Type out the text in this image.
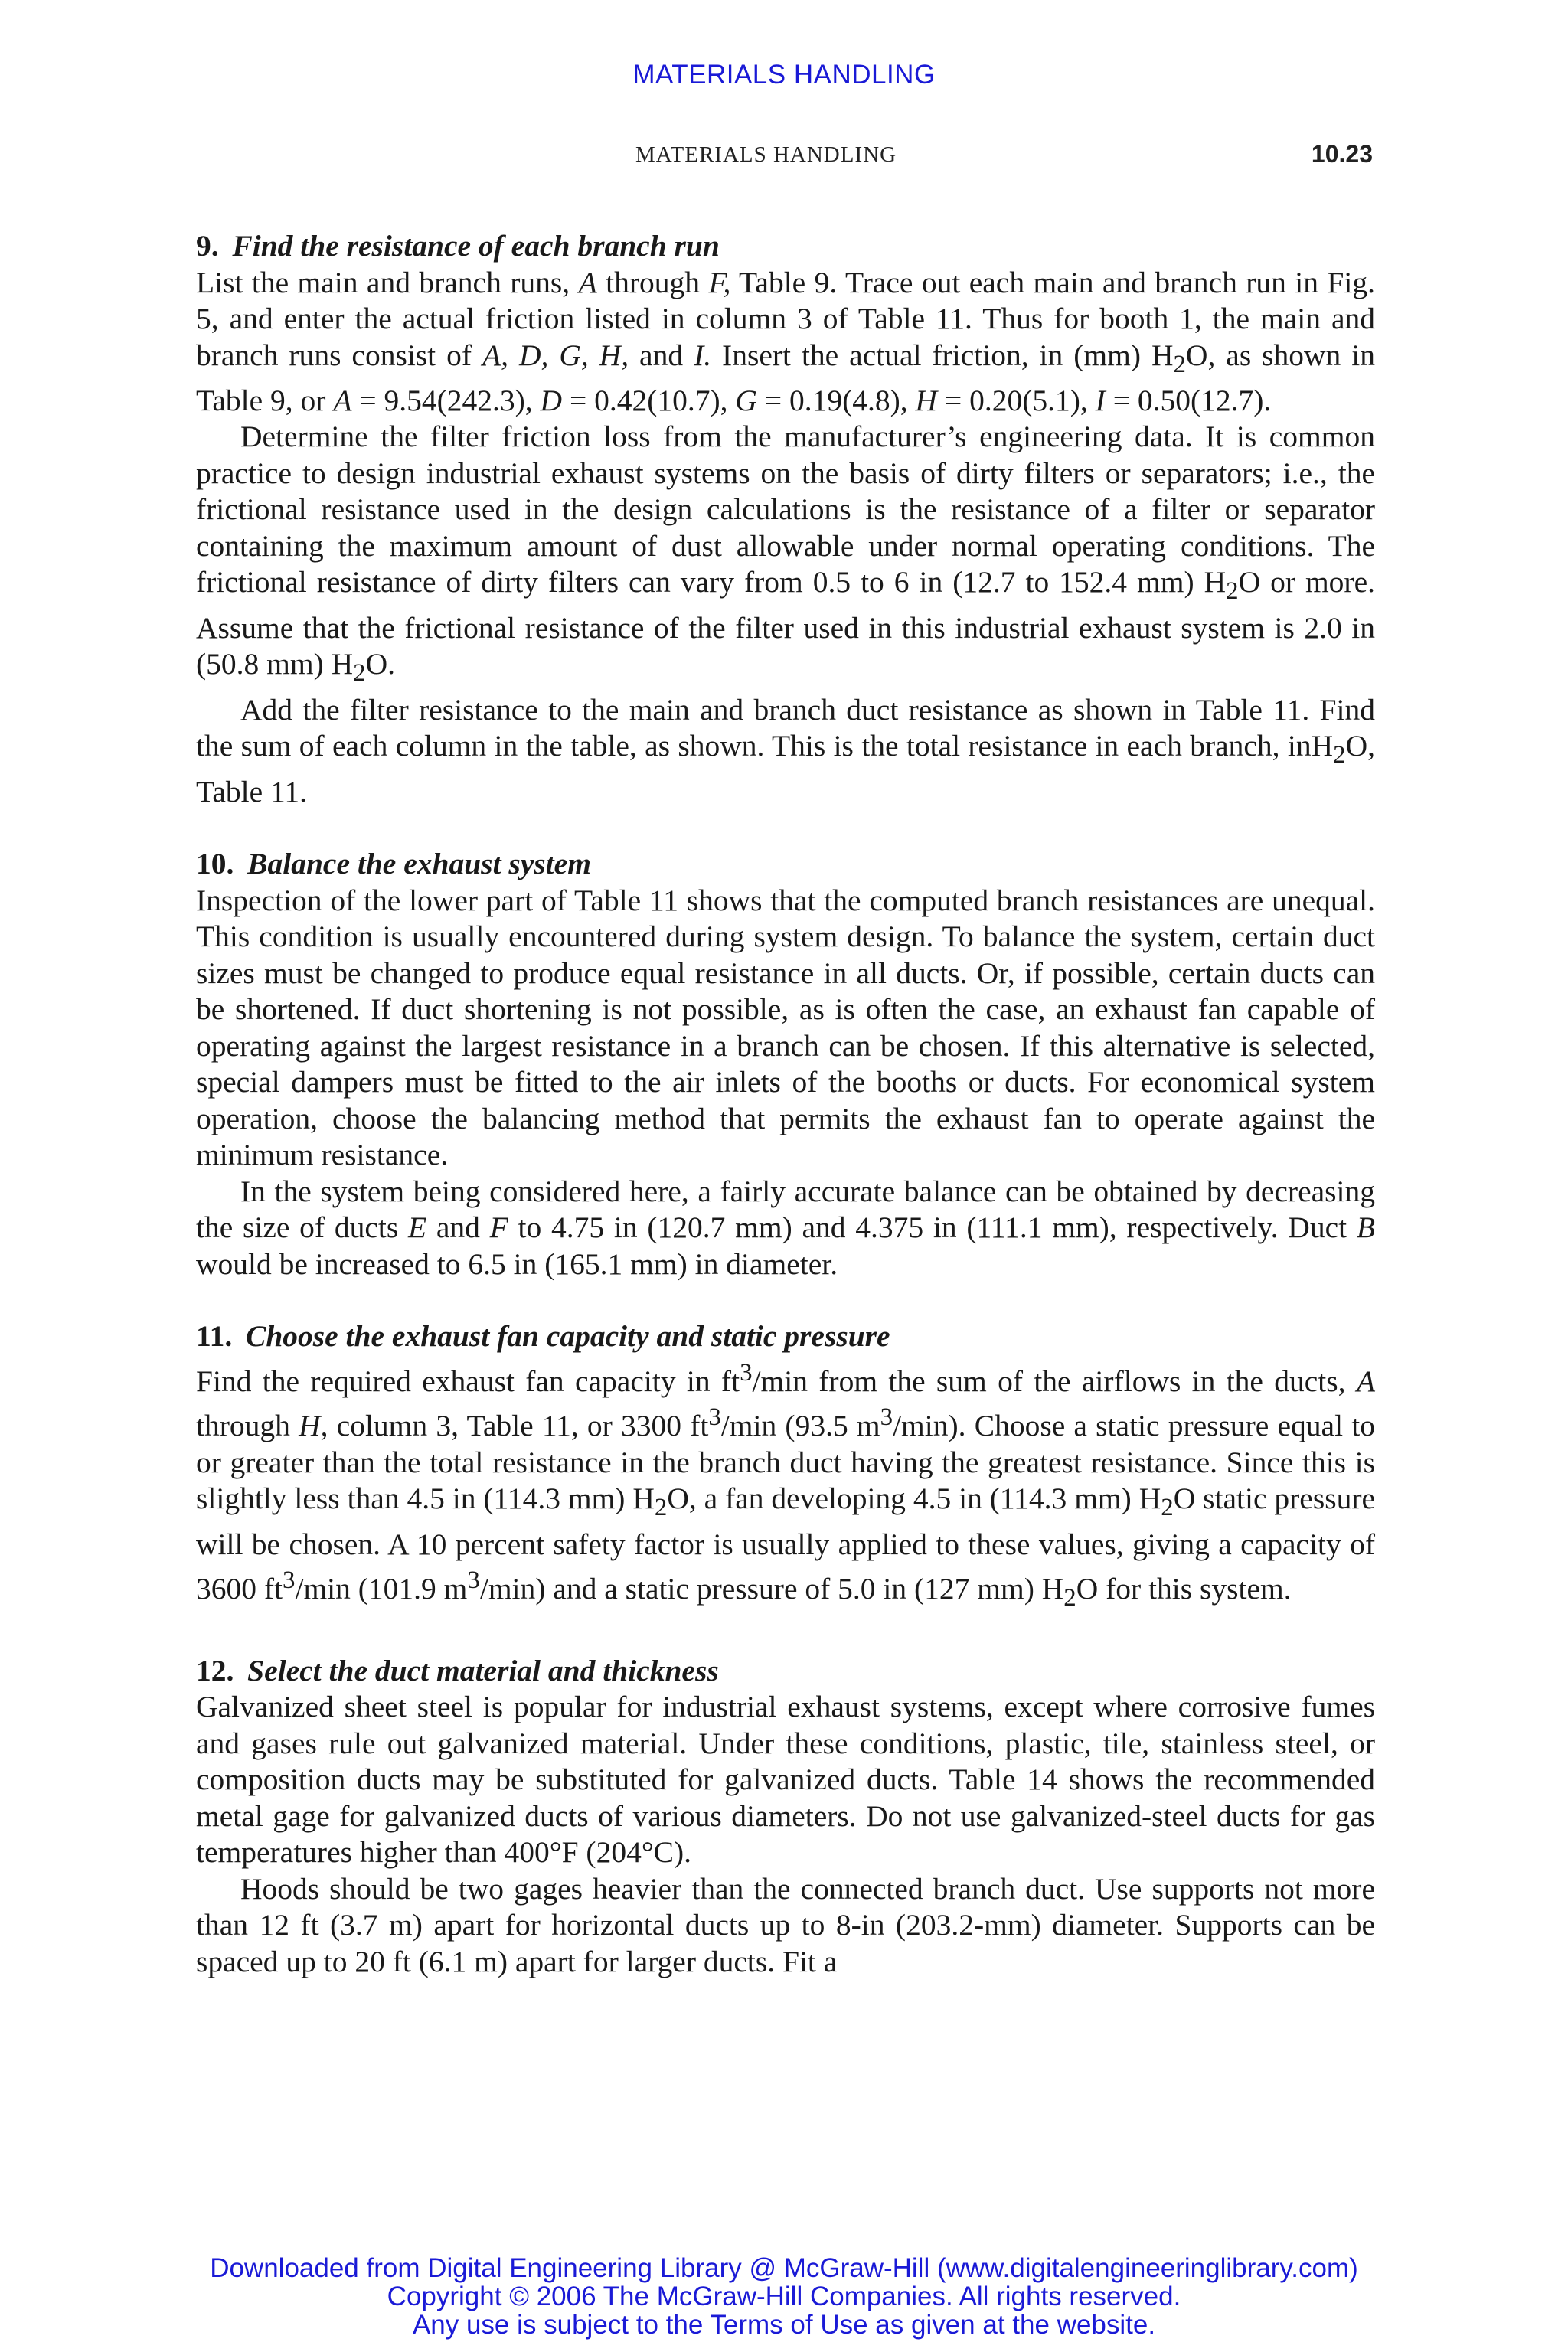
MATERIALS HANDLING
MATERIALS HANDLING	10.23

9. Find the resistance of each branch run

List the main and branch runs, A through F, Table 9. Trace out each main and branch run in Fig. 5, and enter the actual friction listed in column 3 of Table 11. Thus for booth 1, the main and branch runs consist of A, D, G, H, and I. Insert the actual friction, in (mm) $H_2O$, as shown in Table 9, or A = 9.54(242.3), D = 0.42(10.7), G = 0.19(4.8), H = 0.20(5.1), I = 0.50(12.7).

Determine the filter friction loss from the manufacturer’s engineering data. It is common practice to design industrial exhaust systems on the basis of dirty filters or separators; i.e., the frictional resistance used in the design calculations is the resistance of a filter or separator containing the maximum amount of dust allowable under normal operating conditions. The frictional resistance of dirty filters can vary from 0.5 to 6 in (12.7 to 152.4 mm) $H_2O$ or more. Assume that the frictional resistance of the filter used in this industrial exhaust system is 2.0 in (50.8 mm) $H_2O$.

Add the filter resistance to the main and branch duct resistance as shown in Table 11. Find the sum of each column in the table, as shown. This is the total resistance in each branch, inH$_2$O, Table 11.

10. Balance the exhaust system

Inspection of the lower part of Table 11 shows that the computed branch resistances are unequal. This condition is usually encountered during system design. To balance the system, certain duct sizes must be changed to produce equal resistance in all ducts. Or, if possible, certain ducts can be shortened. If duct shortening is not possible, as is often the case, an exhaust fan capable of operating against the largest resistance in a branch can be chosen. If this alternative is selected, special dampers must be fitted to the air inlets of the booths or ducts. For economical system operation, choose the balancing method that permits the exhaust fan to operate against the minimum resistance.

In the system being considered here, a fairly accurate balance can be obtained by decreasing the size of ducts E and F to 4.75 in (120.7 mm) and 4.375 in (111.1 mm), respectively. Duct B would be increased to 6.5 in (165.1 mm) in diameter.

11. Choose the exhaust fan capacity and static pressure

Find the required exhaust fan capacity in $ft^3/\min$ from the sum of the airflows in the ducts, A through H, column 3, Table 11, or 3300 $ft^3/\min$ (93.5 $m^3/\min$). Choose a static pressure equal to or greater than the total resistance in the branch duct having the greatest resistance. Since this is slightly less than 4.5 in (114.3 mm) $H_2O$, a fan developing 4.5 in (114.3 mm) $H_2O$ static pressure will be chosen. A 10 percent safety factor is usually applied to these values, giving a capacity of 3600 $ft^3/\min$ (101.9 $m^3/\min$) and a static pressure of 5.0 in (127 mm) $H_2O$ for this system.

12. Select the duct material and thickness

Galvanized sheet steel is popular for industrial exhaust systems, except where corrosive fumes and gases rule out galvanized material. Under these conditions, plastic, tile, stainless steel, or composition ducts may be substituted for galvanized ducts. Table 14 shows the recommended metal gage for galvanized ducts of various diameters. Do not use galvanized-steel ducts for gas temperatures higher than 400°F (204°C).

Hoods should be two gages heavier than the connected branch duct. Use supports not more than 12 ft (3.7 m) apart for horizontal ducts up to 8-in (203.2-mm) diameter. Supports can be spaced up to 20 ft (6.1 m) apart for larger ducts. Fit a

Downloaded from Digital Engineering Library @ McGraw-Hill (www.digitalengineeringlibrary.com)
Copyright © 2006 The McGraw-Hill Companies. All rights reserved.
Any use is subject to the Terms of Use as given at the website.
